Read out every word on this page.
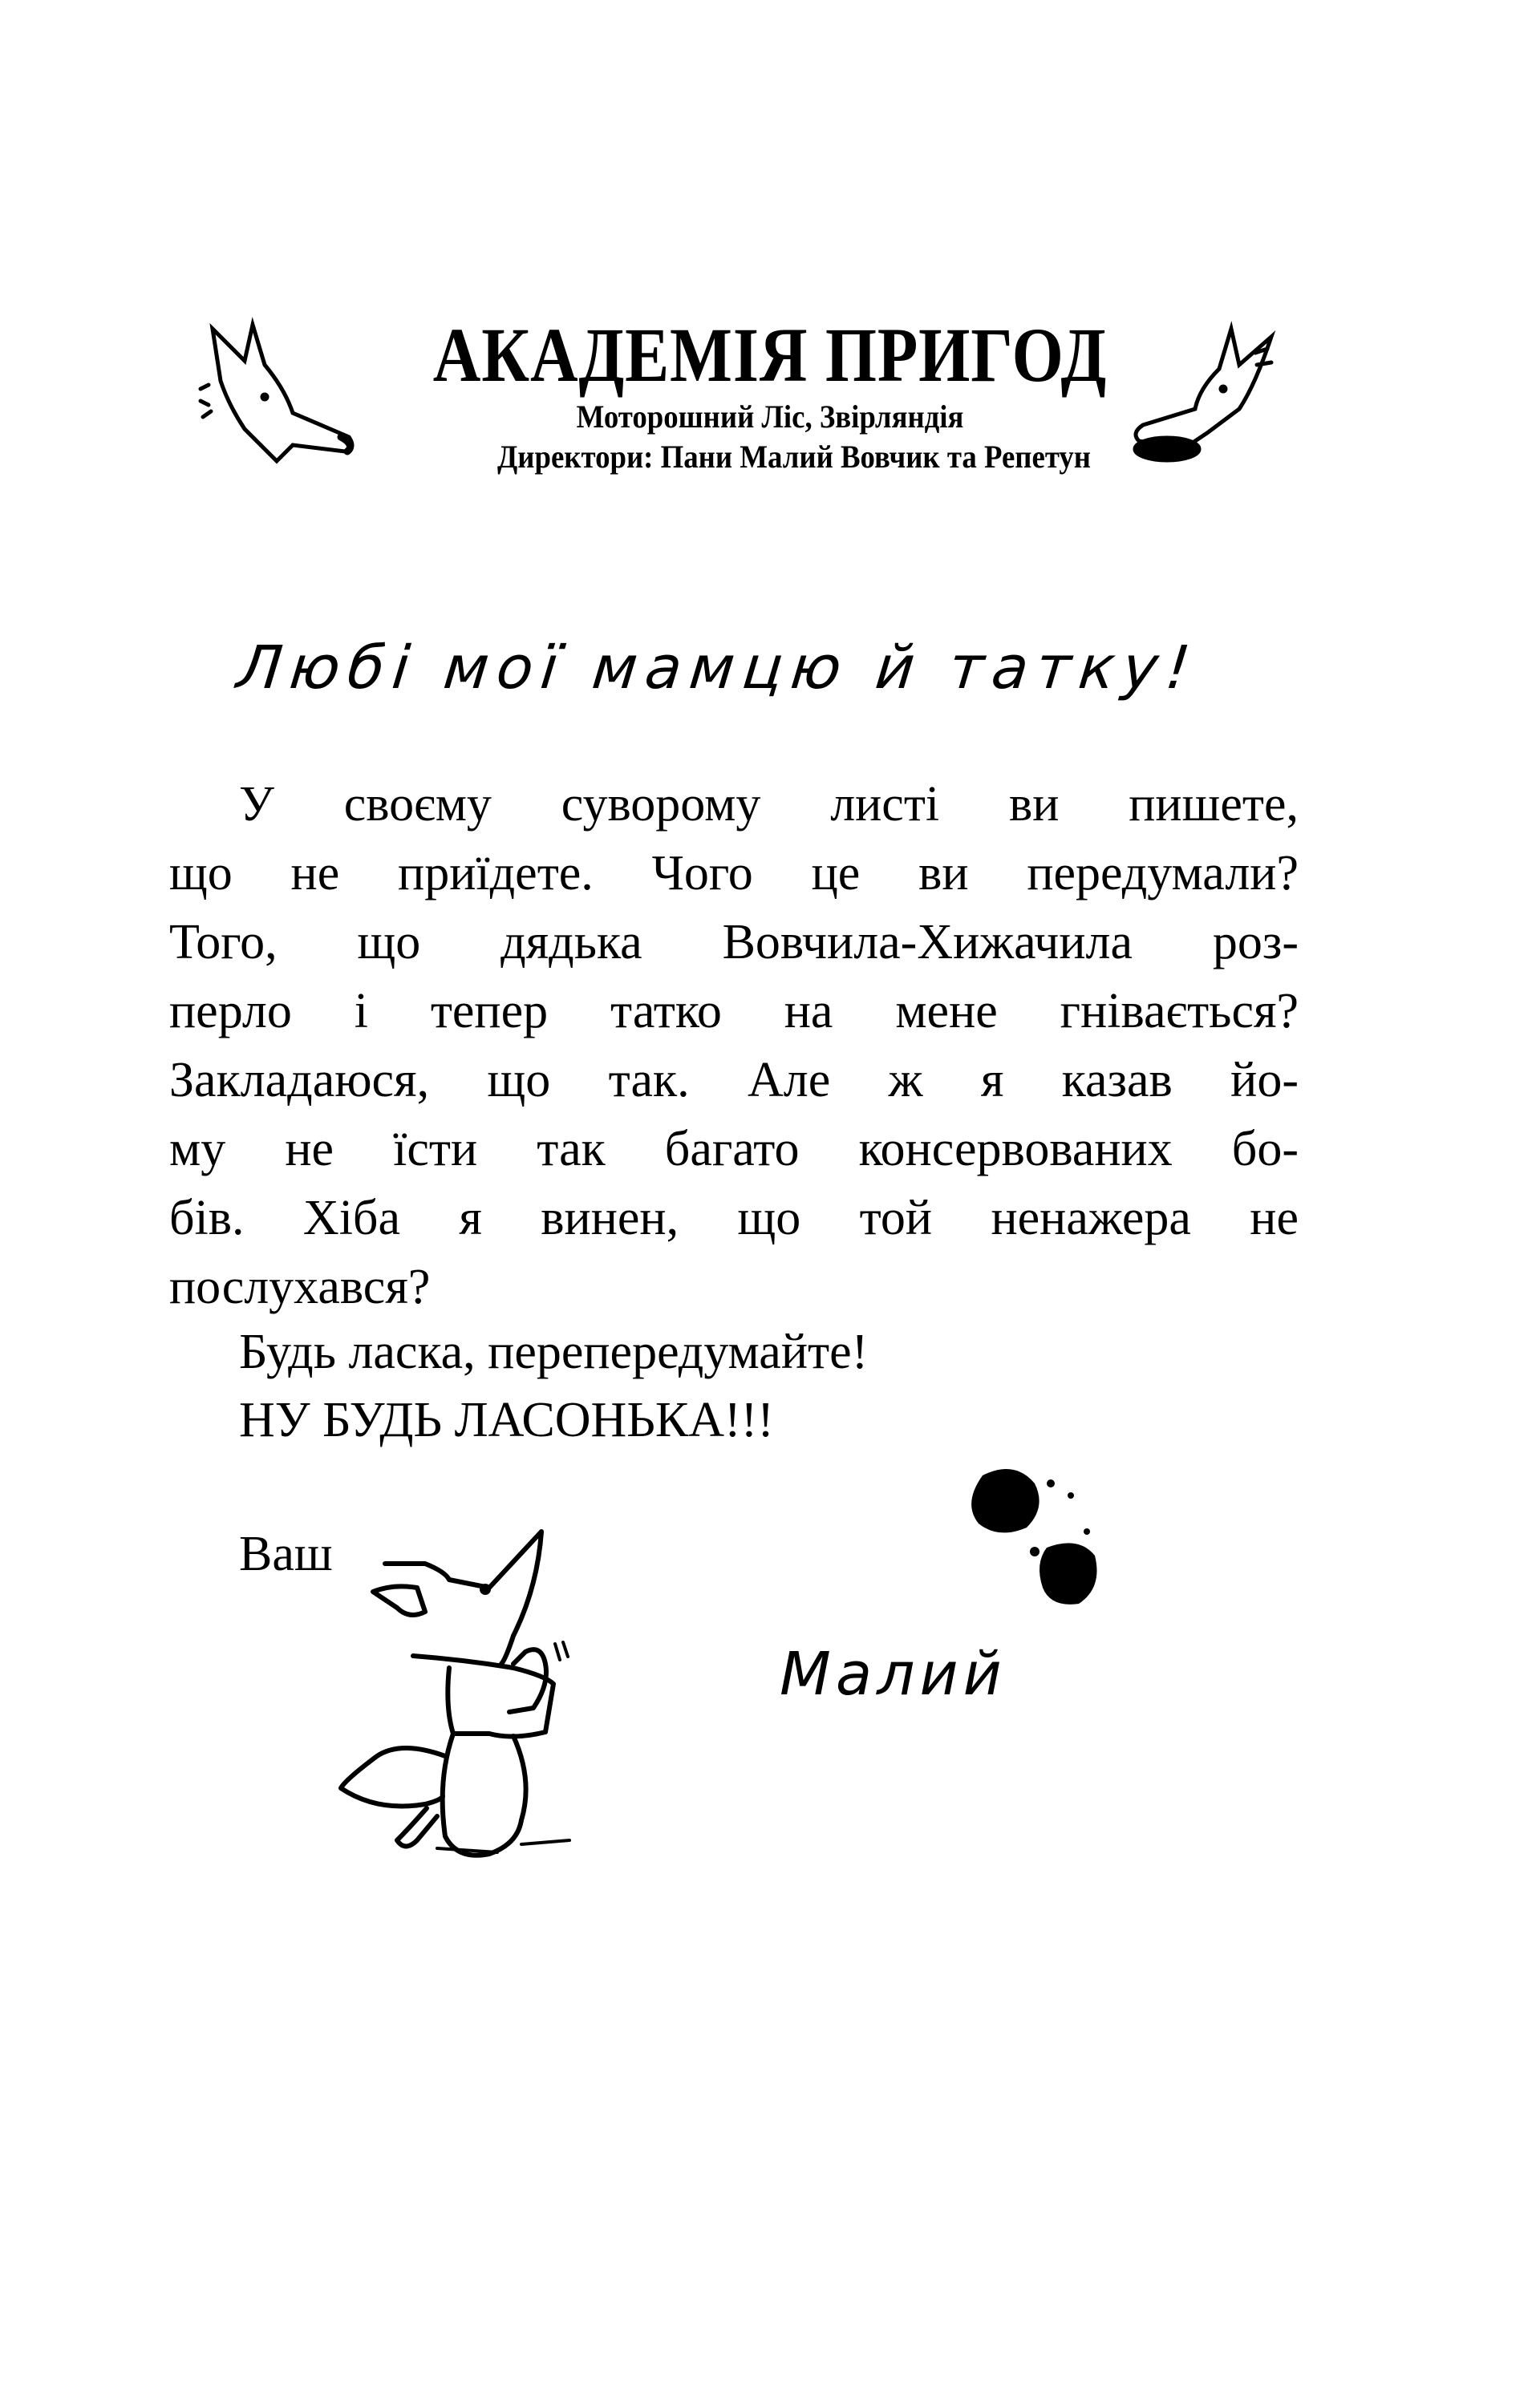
АКАДЕМІЯ ПРИГОД
Моторошний Ліс, Звірляндія
Директори: Пани Малий Вовчик та Репетун
Любі мої мамцю й татку!
У своєму суворому листі ви пишете,
що не приїдете. Чого це ви передумали?
Того, що дядька Вовчила-Хижачила роз-
перло і тепер татко на мене гнівається?
Закладаюся, що так. Але ж я казав йо-
му не їсти так багато консервованих бо-
бів. Хіба я винен, що той ненажера не
послухався?
Будь ласка, перепередумайте!
НУ БУДЬ ЛАСОНЬКА!!!
Ваш
Малий
